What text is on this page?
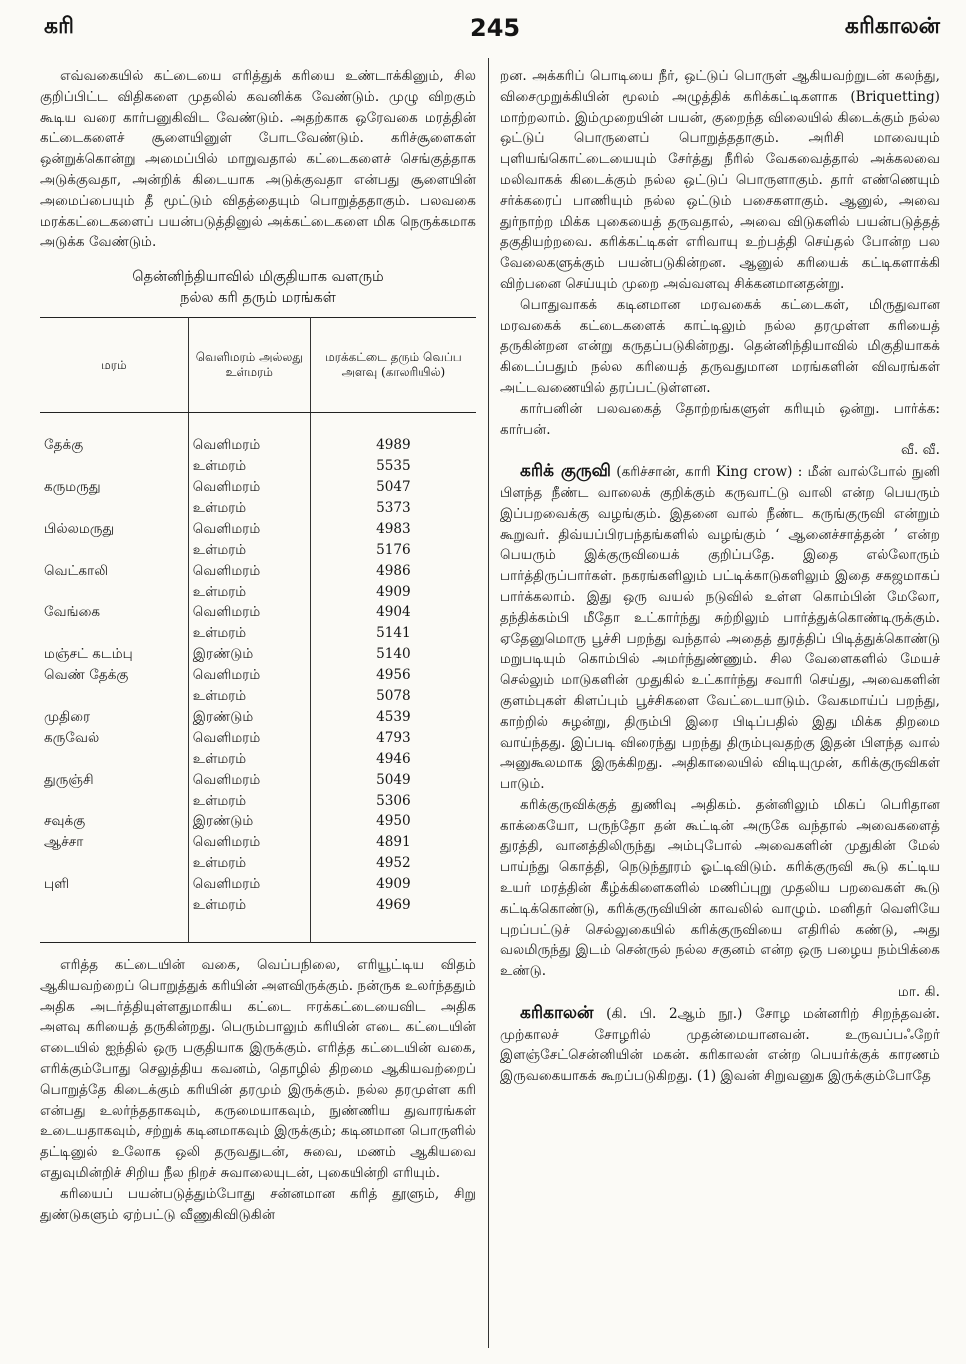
கரி	245	கரிகாலன்

எவ்வகையில் கட்டையை எரித்துக் கரியை உண்டாக்கினும், சில குறிப்பிட்ட விதிகளை முதலில் கவனிக்க வேண்டும். முழு விறகும் கூடிய வரை கார்பனுகிவிட வேண்டும். அதற்காக ஒரேவகை மரத்தின் கட்டைகளைச் சூளையினுள் போடவேண்டும். கரிச்சூளைகள் ஒன்றுக்கொன்று அமைப்பில் மாறுவதால் கட்டைகளைச் செங்குத்தாக அடுக்குவதா, அன்றிக் கிடையாக அடுக்குவதா என்பது சூளையின் அமைப்பையும் தீ மூட்டும் விதத்தையும் பொறுத்ததாகும். பலவகை மரக்கட்டைகளைப் பயன்படுத்தினுல் அக்கட்டைகளை மிக நெருக்கமாக அடுக்க வேண்டும்.

தென்னிந்தியாவில் மிகுதியாக வளரும்
நல்ல கரி தரும் மரங்கள்
மரம்	வெளிமரம் அல்லது உள்மரம்	மரக்கட்டை தரும் வெப்ப அளவு (காலரியில்)

தேக்கு	வெளிமரம்	4989
	உள்மரம்	5535
கருமருது	வெளிமரம்	5047
	உள்மரம்	5373
பில்லமருது	வெளிமரம்	4983
	உள்மரம்	5176
வெட்காலி	வெளிமரம்	4986
	உள்மரம்	4909
வேங்கை	வெளிமரம்	4904
	உள்மரம்	5141
மஞ்சட் கடம்பு	இரண்டும்	5140
வெண் தேக்கு	வெளிமரம்	4956
	உள்மரம்	5078
முதிரை	இரண்டும்	4539
கருவேல்	வெளிமரம்	4793
	உள்மரம்	4946
துருஞ்சி	வெளிமரம்	5049
	உள்மரம்	5306
சவுக்கு	இரண்டும்	4950
ஆச்சா	வெளிமரம்	4891
	உள்மரம்	4952
புளி	வெளிமரம்	4909
	உள்மரம்	4969

எரித்த கட்டையின் வகை, வெப்பநிலை, எரியூட்டிய விதம் ஆகியவற்றைப் பொறுத்துக் கரியின் அளவிருக்கும். நன்ருக உலர்ந்ததும் அதிக அடர்த்தியுள்ளதுமாகிய கட்டை ஈரக்கட்டையைவிட அதிக அளவு கரியைத் தருகின்றது. பெரும்பாலும் கரியின் எடை கட்டையின் எடையில் ஐந்தில் ஒரு பகுதியாக இருக்கும். எரித்த கட்டையின் வகை, எரிக்கும்போது செலுத்திய கவனம், தொழில் திறமை ஆகியவற்றைப் பொறுத்தே கிடைக்கும் கரியின் தரமும் இருக்கும். நல்ல தரமுள்ள கரி என்பது உலர்ந்ததாகவும், கருமையாகவும், நுண்ணிய துவாரங்கள் உடையதாகவும், சற்றுக் கடினமாகவும் இருக்கும்; கடினமான பொருளில் தட்டினுல் உலோக ஒலி தருவதுடன், சுவை, மணம் ஆகியவை எதுவுமின்றிச் சிறிய நீல நிறச் சுவாலையுடன், புகையின்றி எரியும்.

கரியைப் பயன்படுத்தும்போது சன்னமான கரித் தூளும், சிறு துண்டுகளும் ஏற்பட்டு வீணுகிவிடுகின்

றன. அக்கரிப் பொடியை நீர், ஒட்டுப் பொருள் ஆகியவற்றுடன் கலந்து, விசைமுறுக்கியின் மூலம் அழுத்திக் கரிக்கட்டிகளாக (Briquetting) மாற்றலாம். இம்முறையின் பயன், குறைந்த விலையில் கிடைக்கும் நல்ல ஒட்டுப் பொருளைப் பொறுத்ததாகும். அரிசி மாவையும் புளியங்கொட்டையையும் சேர்த்து நீரில் வேகவைத்தால் அக்கலவை மலிவாகக் கிடைக்கும் நல்ல ஒட்டுப் பொருளாகும். தார் எண்ணெயும் சர்க்கரைப் பாணியும் நல்ல ஒட்டும் பசைகளாகும். ஆனுல், அவை துர்நாற்ற மிக்க புகையைத் தருவதால், அவை விடுகளில் பயன்படுத்தத் தகுதியற்றவை. கரிக்கட்டிகள் எரிவாயு உற்பத்தி செய்தல் போன்ற பல வேலைகளுக்கும் பயன்படுகின்றன. ஆனுல் கரியைக் கட்டிகளாக்கி விற்பனை செய்யும் முறை அவ்வளவு சிக்கனமானதன்று.

பொதுவாகக் கடினமான மரவகைக் கட்டைகள், மிருதுவான மரவகைக் கட்டைகளைக் காட்டிலும் நல்ல தரமுள்ள கரியைத் தருகின்றன என்று கருதப்படுகின்றது. தென்னிந்தியாவில் மிகுதியாகக் கிடைப்பதும் நல்ல கரியைத் தருவதுமான மரங்களின் விவரங்கள் அட்டவணையில் தரப்பட்டுள்ளன.

கார்பனின் பலவகைத் தோற்றங்களுள் கரியும் ஒன்று. பார்க்க: கார்பன்.

வீ. வீ.

கரிக் குருவி (கரிச்சான், காரி King crow) : மீன் வால்போல் நுனி பிளந்த நீண்ட வாலைக் குறிக்கும் கருவாட்டு வாலி என்ற பெயரும் இப்பறவைக்கு வழங்கும். இதனை வால் நீண்ட கருங்குருவி என்றும் கூறுவர். திவ்யப்பிரபந்தங்களில் வழங்கும் ‘ ஆனைச்சாத்தன் ’ என்ற பெயரும் இக்குருவியைக் குறிப்பதே. இதை எல்லோரும் பார்த்திருப்பார்கள். நகரங்களிலும் பட்டிக்காடுகளிலும் இதை சகஜமாகப் பார்க்கலாம். இது ஒரு வயல் நடுவில் உள்ள கொம்பின் மேலோ, தந்திக்கம்பி மீதோ உட்கார்ந்து சுற்றிலும் பார்த்துக்கொண்டிருக்கும். ஏதேனுமொரு பூச்சி பறந்து வந்தால் அதைத் துரத்திப் பிடித்துக்கொண்டு மறுபடியும் கொம்பில் அமர்ந்துண்ணும். சில வேளைகளில் மேயச் செல்லும் மாடுகளின் முதுகில் உட்கார்ந்து சவாரி செய்து, அவைகளின் குளம்புகள் கிளப்பும் பூச்சிகளை வேட்டையாடும். வேகமாய்ப் பறந்து, காற்றில் சுழன்று, திரும்பி இரை பிடிப்பதில் இது மிக்க திறமை வாய்ந்தது. இப்படி விரைந்து பறந்து திரும்புவதற்கு இதன் பிளந்த வால் அனுகூலமாக இருக்கிறது. அதிகாலையில் விடியுமுன், கரிக்குருவிகள் பாடும்.

கரிக்குருவிக்குத் துணிவு அதிகம். தன்னிலும் மிகப் பெரிதான காக்கையோ, பருந்தோ தன் கூட்டின் அருகே வந்தால் அவைகளைத் துரத்தி, வானத்திலிருந்து அம்புபோல் அவைகளின் முதுகின் மேல் பாய்ந்து கொத்தி, நெடுந்தூரம் ஓட்டிவிடும். கரிக்குருவி கூடு கட்டிய உயர் மரத்தின் கீழ்க்கிளைகளில் மணிப்புறு முதலிய பறவைகள் கூடு கட்டிக்கொண்டு, கரிக்குருவியின் காவலில் வாழும். மனிதர் வெளியே புறப்பட்டுச் செல்லுகையில் கரிக்குருவியை எதிரில் கண்டு, அது வலமிருந்து இடம் சென்ருல் நல்ல சகுனம் என்ற ஒரு பழைய நம்பிக்கை உண்டு.

மா. கி.

கரிகாலன் (கி. பி. 2ஆம் நூ.) சோழ மன்னரிற் சிறந்தவன். முற்காலச் சோழரில் முதன்மையானவன். உருவப்பஃறேர் இளஞ்சேட்சென்னியின் மகன். கரிகாலன் என்ற பெயர்க்குக் காரணம் இருவகையாகக் கூறப்படுகிறது. (1) இவன் சிறுவனுக இருக்கும்போதே
